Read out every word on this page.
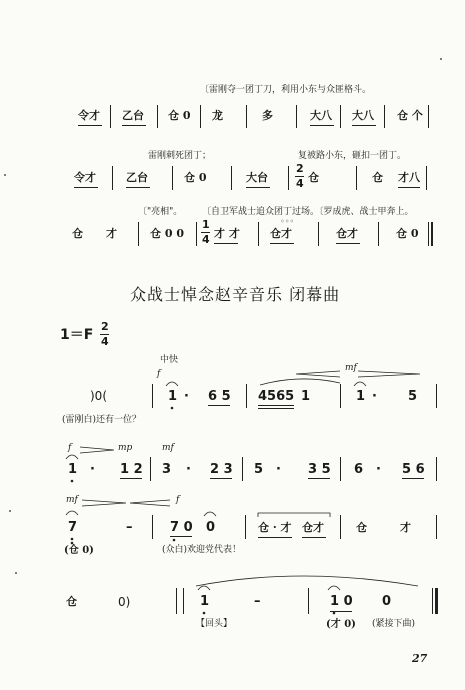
〔雷刚夺一团丁刀，利用小东与众匪格斗。
令才 乙台 仓 0 龙	多	大八 大八 仓 个
雷刚刺死团丁；	复被路小东，砸扣一团丁。
令才	乙台	仓 0	大台
2
4 仓	仓 才八
〔"亮相"。 〔自卫军战士追众团丁过场。〔罗成虎、战士甲奔上。
仓 才	仓 0 0
1
4 才 才	仓才	仓才	仓 0
◦◦◦
众战士悼念赵辛音乐 闭幕曲
1＝F
2
4
中快
f
mf
)0(	1 · 6 5 4565 1	1 · 5
(雷刚白)还有一位？
f	mp	mf
1 · 1 2 3 · 2 3 5 · 3 5 6 · 5 6
mf	f
7	–	7 0 0	仓 · 才 仓才	仓	才
(仓 0)	(众白)欢迎党代表！
仓	0)	1	–	1 0 0
【回头】	(才 0) (紧接下曲)
27
